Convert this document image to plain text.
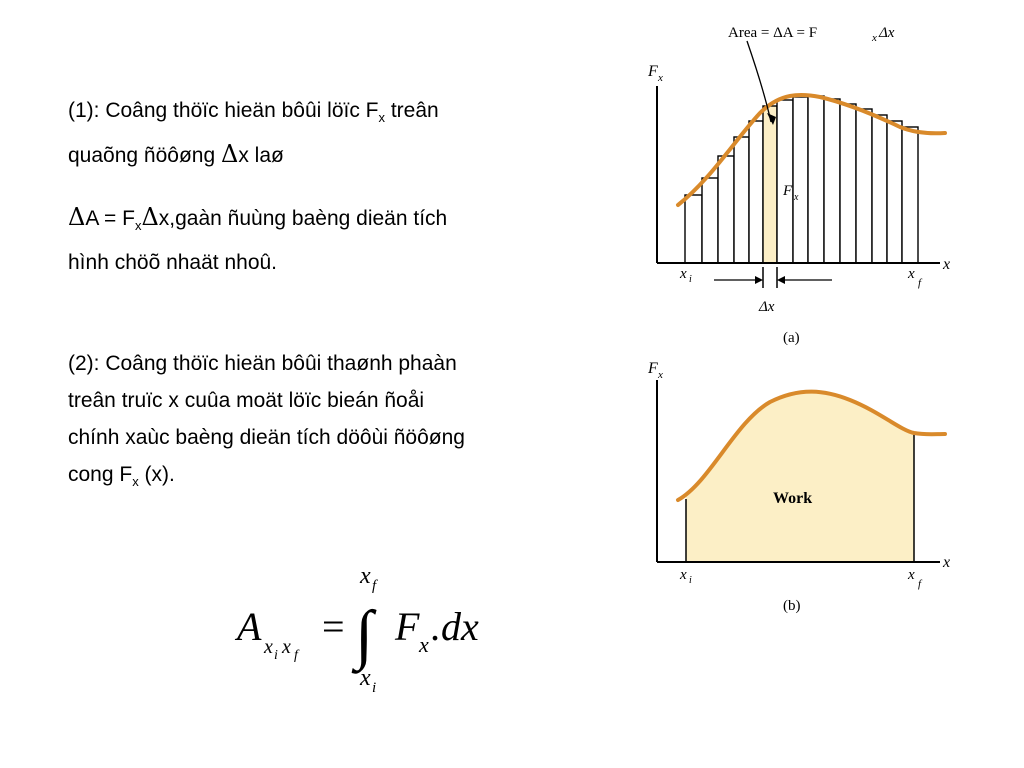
(1): Coâng thöïc hieän bôûi löïc $F_x$ treân
quaõng ñöôøng Δx laø

$\Delta A = F_x\Delta x,gaàn$ ñuùng baèng dieän tích
hình chöõ nhaät nhoû.

(2): Coâng thöïc hieän bôûi thaønh phaàn
treân truïc x cuûa moät löïc bieán ñoåi
chính xaùc baèng dieän tích döôùi ñöôøng
cong $F_x$ (x).

A x i x f
= ∫
x f
x i
F x .dx
Area = ΔA = F	x Δx
F x
x
x i	x
f
F x
Δx
(a)
F x
x
x i	x
f
Work
(b)
